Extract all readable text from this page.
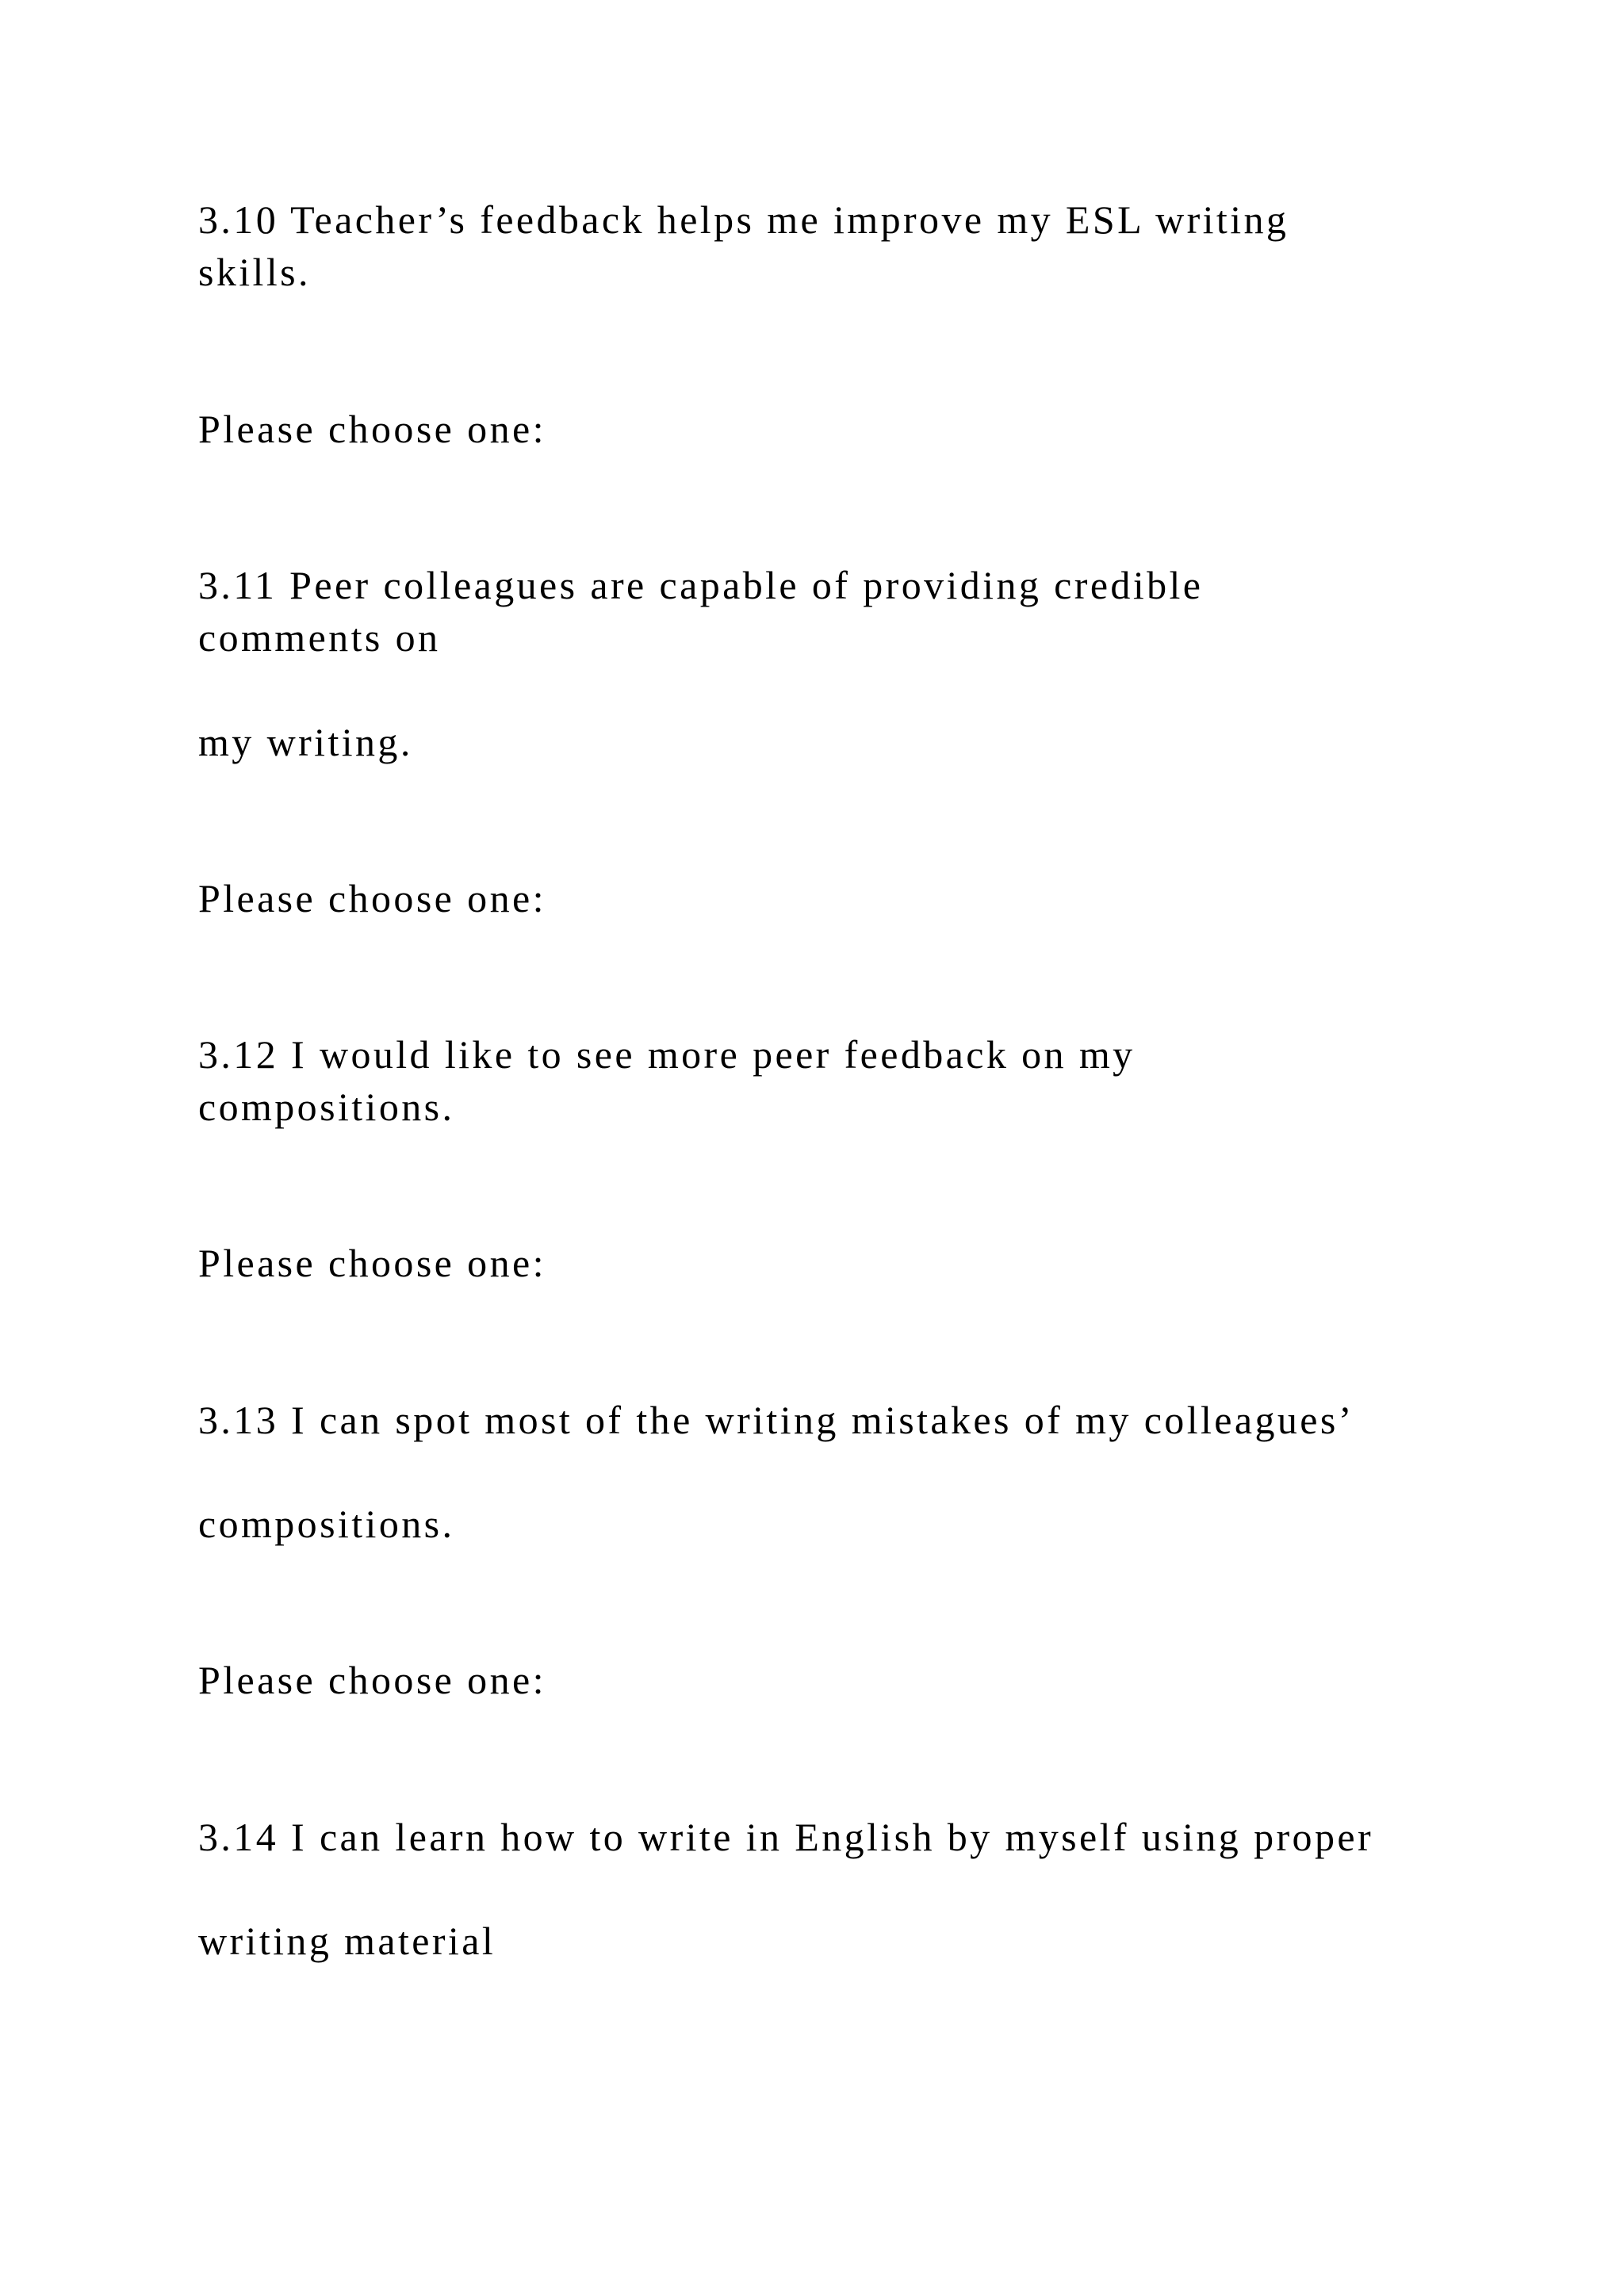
3.10 Teacher’s feedback helps me improve my ESL writing

skills.

Please choose one:

3.11 Peer colleagues are capable of providing credible

comments on

my writing.

Please choose one:

3.12 I would like to see more peer feedback on my

compositions.

Please choose one:

3.13 I can spot most of the writing mistakes of my colleagues’

compositions.

Please choose one:

3.14 I can learn how to write in English by myself using proper

writing material
